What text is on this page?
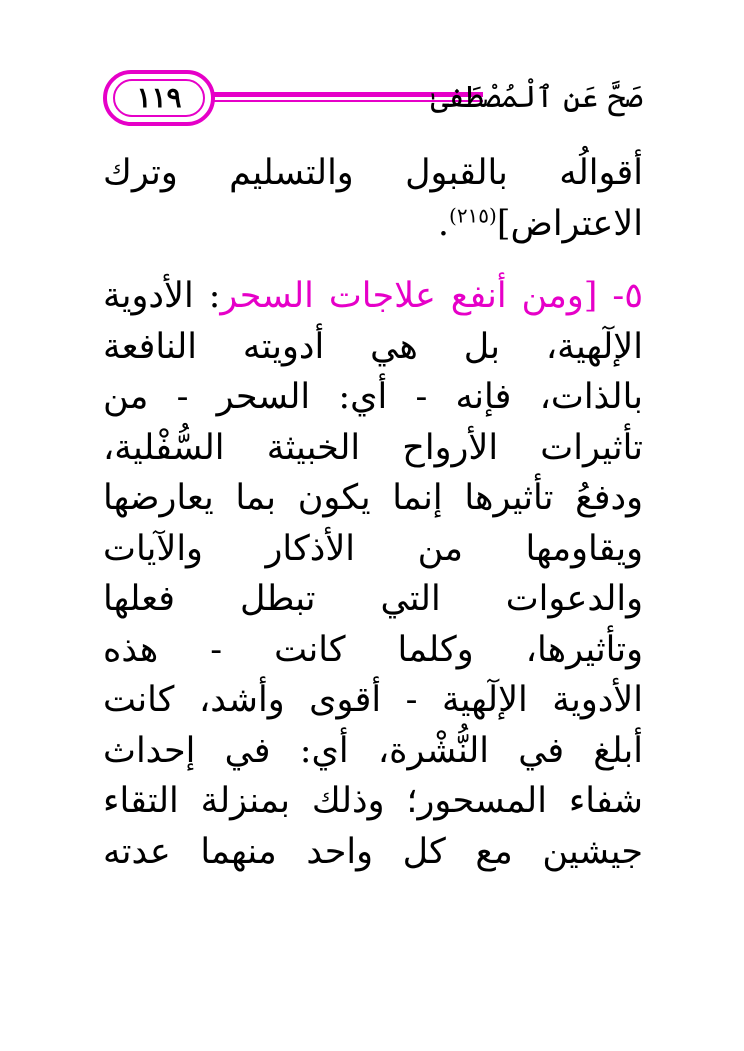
١١٩	صَحَّ عَنِ ٱلْمُصْطَفىٰ
أقوالُه بالقبول والتسليم وترك
الاعتراض]$^{(٢١٥)}$.
٥- [ومن أنفع علاجات السحر: الأدوية
الإلٓهية، بل هي أدويته النافعة
بالذات، فإنه - أي: السحر - من
تأثيرات الأرواح الخبيثة السُّفْلية،
ودفعُ تأثيرها إنما يكون بما يعارضها
ويقاومها من الأذكار والآيات
والدعوات التي تبطل فعلها
وتأثيرها، وكلما كانت - هذه
الأدوية الإلٓهية - أقوى وأشد، كانت
أبلغ في النُّشْرة، أي: في إحداث
شفاء المسحور؛ وذلك بمنزلة التقاء
جيشين مع كل واحد منهما عدته
